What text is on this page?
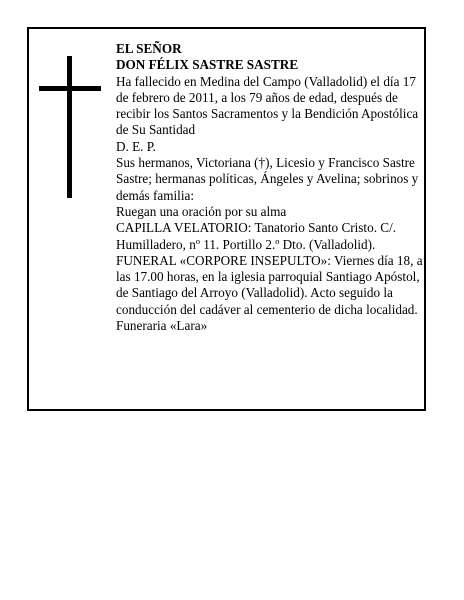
EL SEÑOR

DON FÉLIX SASTRE SASTRE

Ha fallecido en Medina del Campo (Valladolid) el día 17 de febrero de 2011, a los 79 años de edad, después de recibir los Santos Sacramentos y la Bendición Apostólica de Su Santidad

D. E. P.

Sus hermanos, Victoriana (†), Licesio y Francisco Sastre Sastre; hermanas políticas, Ángeles y Avelina; sobrinos y demás familia:

Ruegan una oración por su alma

CAPILLA VELATORIO: Tanatorio Santo Cristo. C/. Humilladero, nº 11. Portillo 2.º Dto. (Valladolid).

FUNERAL «CORPORE INSEPULTO»: Viernes día 18, a las 17.00 horas, en la iglesia parroquial Santiago Apóstol, de Santiago del Arroyo (Valladolid). Acto seguido la conducción del cadáver al cementerio de dicha localidad.

Funeraria «Lara»
